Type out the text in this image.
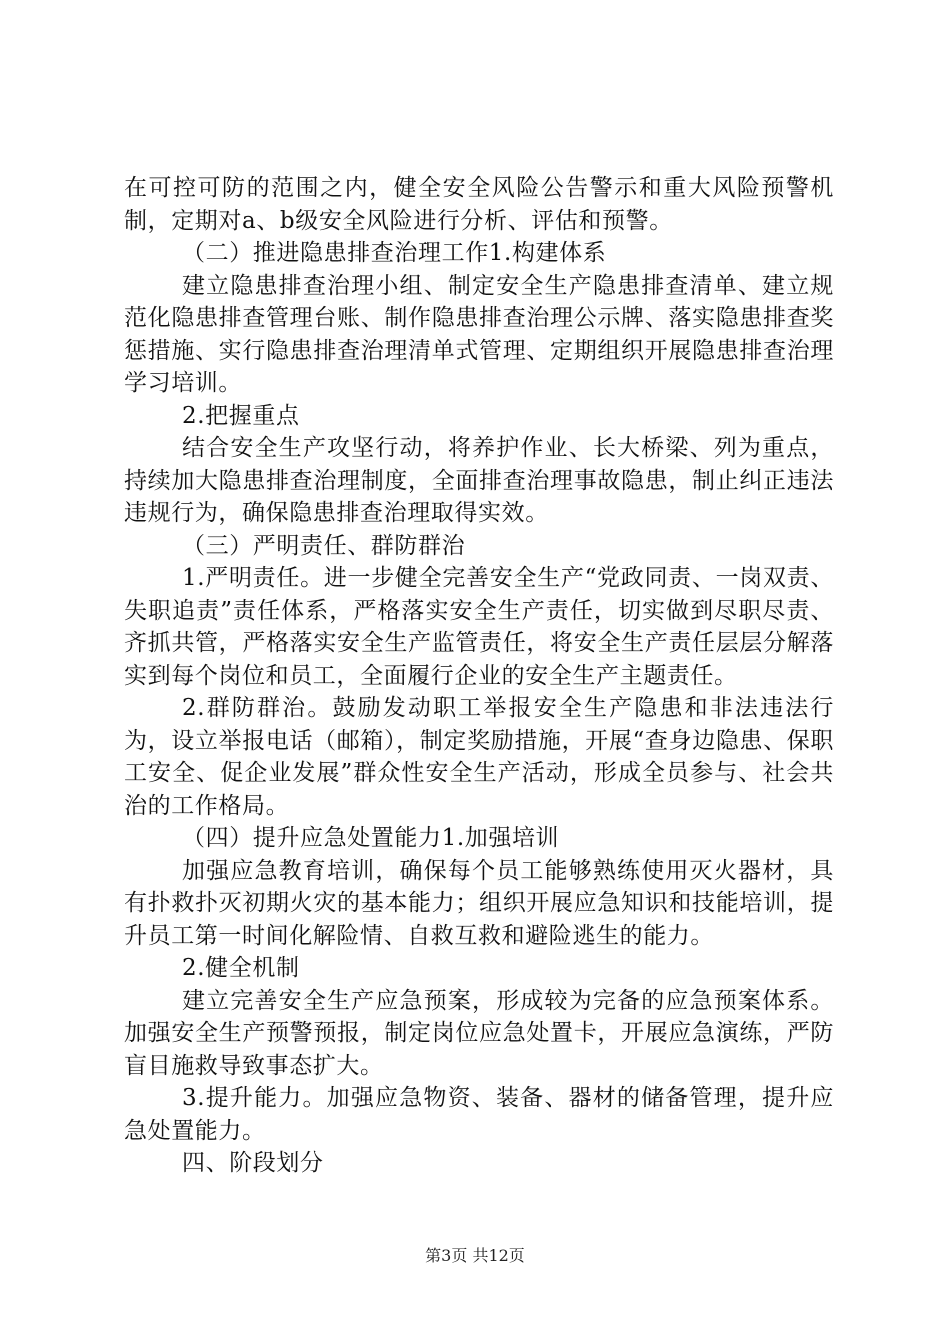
在可控可防的范围之内，健全安全风险公告警示和重大风险预警机制，定期对a、b级安全风险进行分析、评估和预警。

（二）推进隐患排查治理工作1.构建体系

建立隐患排查治理小组、制定安全生产隐患排查清单、建立规范化隐患排查管理台账、制作隐患排查治理公示牌、落实隐患排查奖惩措施、实行隐患排查治理清单式管理、定期组织开展隐患排查治理学习培训。

2.把握重点

结合安全生产攻坚行动，将养护作业、长大桥梁、列为重点，持续加大隐患排查治理制度，全面排查治理事故隐患，制止纠正违法违规行为，确保隐患排查治理取得实效。

（三）严明责任、群防群治

1.严明责任。进一步健全完善安全生产“党政同责、一岗双责、失职追责”责任体系，严格落实安全生产责任，切实做到尽职尽责、齐抓共管，严格落实安全生产监管责任，将安全生产责任层层分解落实到每个岗位和员工，全面履行企业的安全生产主题责任。

2.群防群治。鼓励发动职工举报安全生产隐患和非法违法行为，设立举报电话（邮箱），制定奖励措施，开展“查身边隐患、保职工安全、促企业发展”群众性安全生产活动，形成全员参与、社会共治的工作格局。

（四）提升应急处置能力1.加强培训

加强应急教育培训，确保每个员工能够熟练使用灭火器材，具有扑救扑灭初期火灾的基本能力；组织开展应急知识和技能培训，提升员工第一时间化解险情、自救互救和避险逃生的能力。

2.健全机制

建立完善安全生产应急预案，形成较为完备的应急预案体系。加强安全生产预警预报，制定岗位应急处置卡，开展应急演练，严防盲目施救导致事态扩大。

3.提升能力。加强应急物资、装备、器材的储备管理，提升应急处置能力。

四、阶段划分

第3页 共12页
